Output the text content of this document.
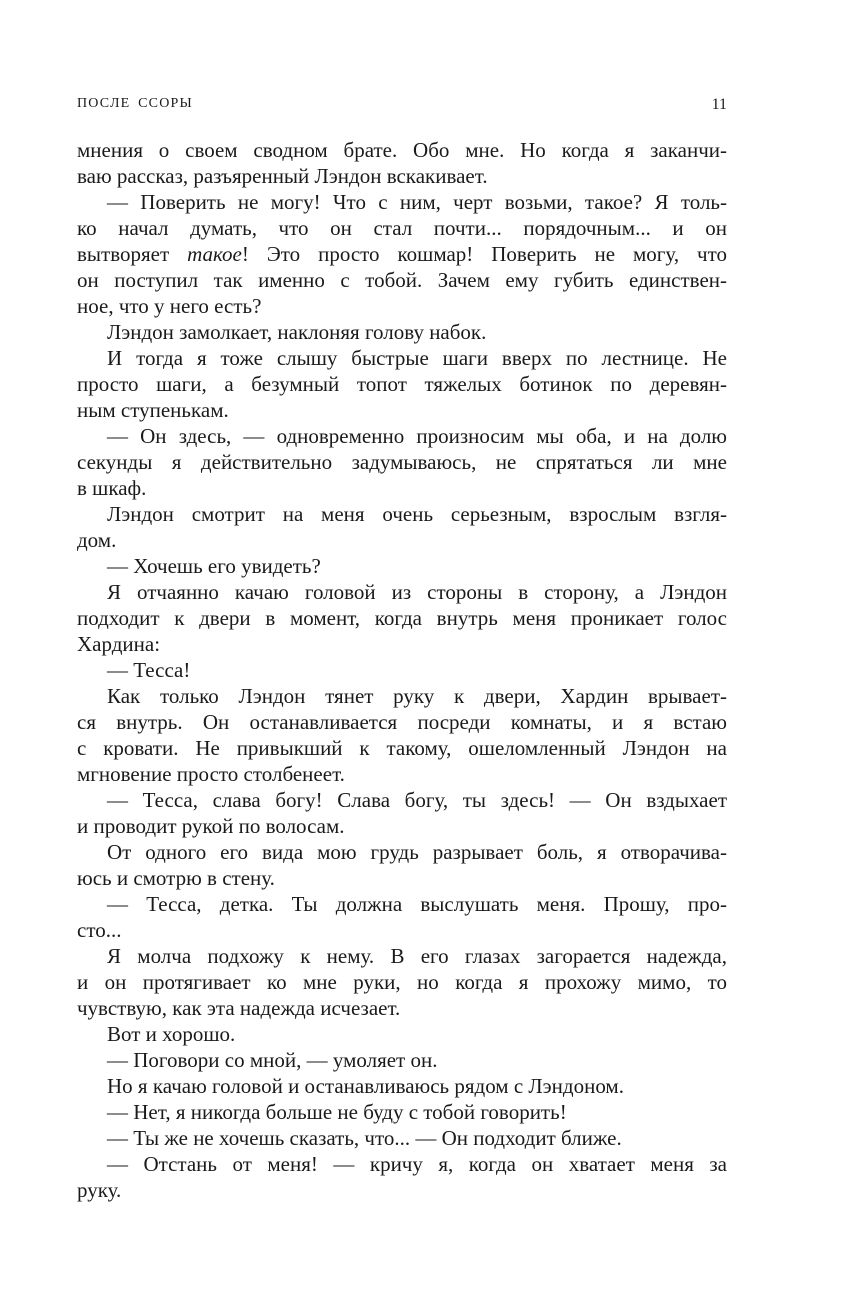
ПОСЛЕ ССОРЫ	11
мнения о своем сводном брате. Обо мне. Но когда я заканчи-
ваю рассказ, разъяренный Лэндон вскакивает.
— Поверить не могу! Что с ним, черт возьми, такое? Я толь-
ко начал думать, что он стал почти... порядочным... и он
вытворяет такое! Это просто кошмар! Поверить не могу, что
он поступил так именно с тобой. Зачем ему губить единствен-
ное, что у него есть?
Лэндон замолкает, наклоняя голову набок.
И тогда я тоже слышу быстрые шаги вверх по лестнице. Не
просто шаги, а безумный топот тяжелых ботинок по деревян-
ным ступенькам.
— Он здесь, — одновременно произносим мы оба, и на долю
секунды я действительно задумываюсь, не спрятаться ли мне
в шкаф.
Лэндон смотрит на меня очень серьезным, взрослым взгля-
дом.
— Хочешь его увидеть?
Я отчаянно качаю головой из стороны в сторону, а Лэндон
подходит к двери в момент, когда внутрь меня проникает голос
Хардина:
— Тесса!
Как только Лэндон тянет руку к двери, Хардин врывает-
ся внутрь. Он останавливается посреди комнаты, и я встаю
с кровати. Не привыкший к такому, ошеломленный Лэндон на
мгновение просто столбенеет.
— Тесса, слава богу! Слава богу, ты здесь! — Он вздыхает
и проводит рукой по волосам.
От одного его вида мою грудь разрывает боль, я отворачива-
юсь и смотрю в стену.
— Тесса, детка. Ты должна выслушать меня. Прошу, про-
сто...
Я молча подхожу к нему. В его глазах загорается надежда,
и он протягивает ко мне руки, но когда я прохожу мимо, то
чувствую, как эта надежда исчезает.
Вот и хорошо.
— Поговори со мной, — умоляет он.
Но я качаю головой и останавливаюсь рядом с Лэндоном.
— Нет, я никогда больше не буду с тобой говорить!
— Ты же не хочешь сказать, что... — Он подходит ближе.
— Отстань от меня! — кричу я, когда он хватает меня за
руку.
